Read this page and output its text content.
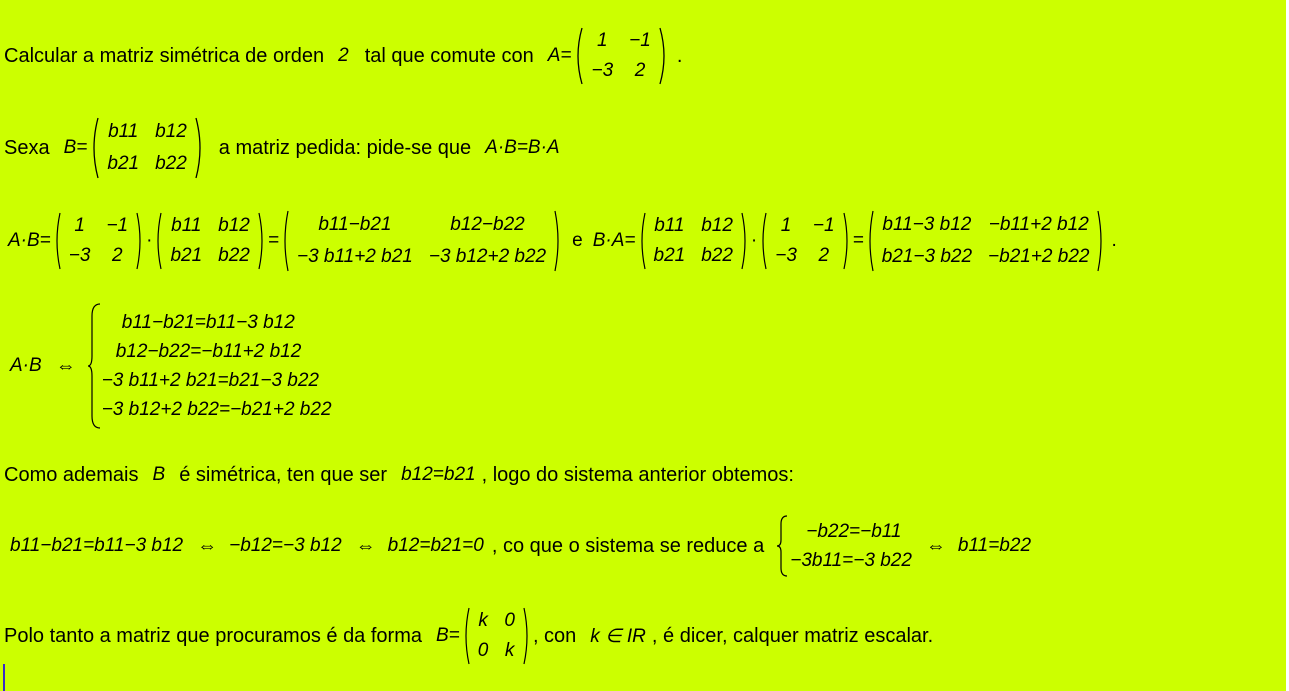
Calcular a matriz simétrica de orden 2 tal que comute con A=
1	−1
−3	2
.
Sexa B=
b11	b12
b21	b22
a matriz pedida: pide-se que A·B=B·A
A·B=
1	−1
−3	2
·
b11	b12
b21	b22
=
b11−b21	b12−b22
−3 b11+2 b21	−3 b12+2 b22
e B·A=
b11	b12
b21	b22
·
1	−1
−3	2
=
b11−3 b12	−b11+2 b12
b21−3 b22	−b21+2 b22
.
A·B ⇔
b11−b21=b11−3 b12
b12−b22=−b11+2 b12
−3 b11+2 b21=b21−3 b22
−3 b12+2 b22=−b21+2 b22
Como ademais B é simétrica, ten que ser b12=b21 , logo do sistema anterior obtemos:
b11−b21=b11−3 b12 ⇔ −b12=−3 b12 ⇔ b12=b21=0 , co que o sistema se reduce a
−b22=−b11
−3b11=−3 b22
⇔ b11=b22
Polo tanto a matriz que procuramos é da forma B=
k	0
0	k
, con k ∈ IR , é dicer, calquer matriz escalar.
